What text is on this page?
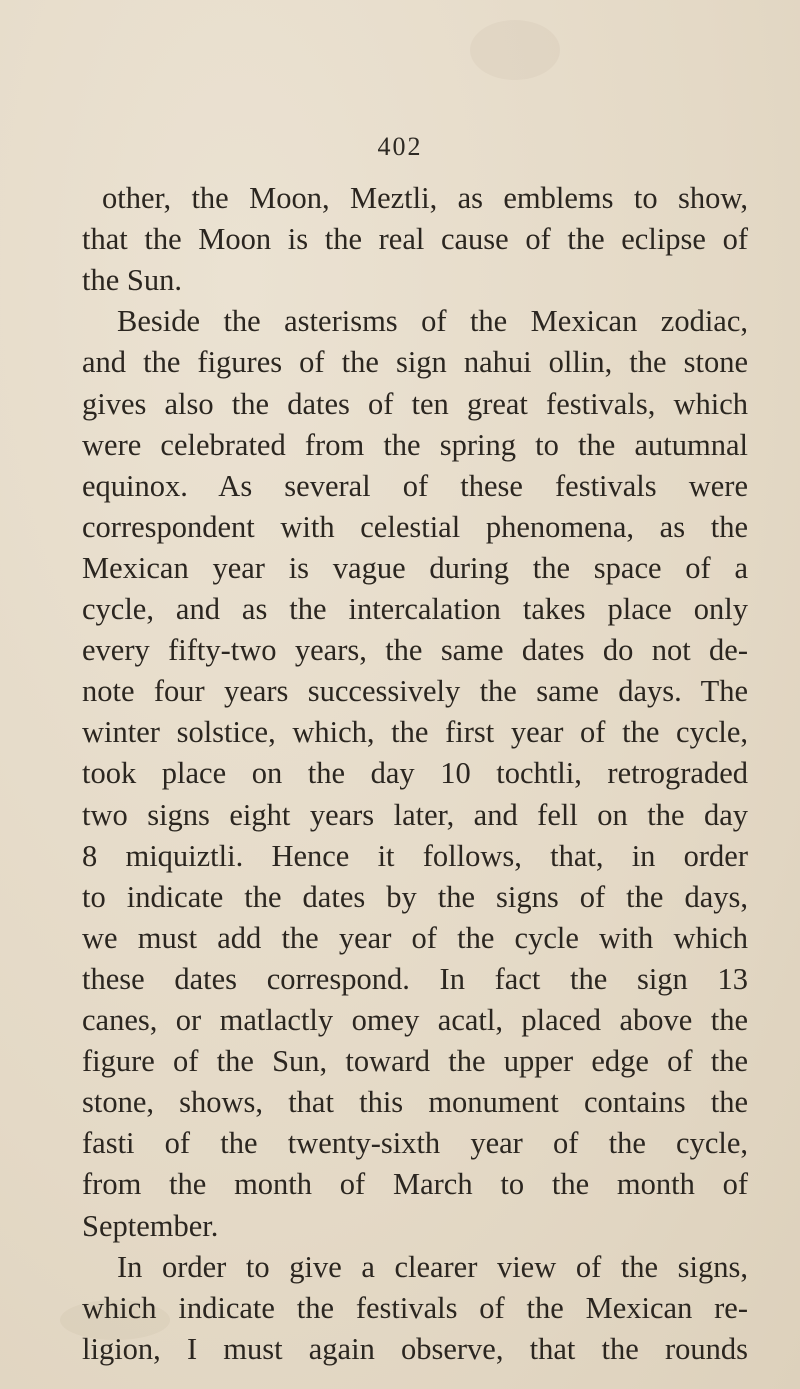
402
other, the Moon, Meztli, as emblems to show,
that the Moon is the real cause of the eclipse of
the Sun.
Beside the asterisms of the Mexican zodiac,
and the figures of the sign nahui ollin, the stone
gives also the dates of ten great festivals, which
were celebrated from the spring to the autumnal
equinox. As several of these festivals were
correspondent with celestial phenomena, as the
Mexican year is vague during the space of a
cycle, and as the intercalation takes place only
every fifty-two years, the same dates do not de-
note four years successively the same days. The
winter solstice, which, the first year of the cycle,
took place on the day 10 tochtli, retrograded
two signs eight years later, and fell on the day
8 miquiztli. Hence it follows, that, in order
to indicate the dates by the signs of the days,
we must add the year of the cycle with which
these dates correspond. In fact the sign 13
canes, or matlactly omey acatl, placed above the
figure of the Sun, toward the upper edge of the
stone, shows, that this monument contains the
fasti of the twenty-sixth year of the cycle,
from the month of March to the month of
September.
In order to give a clearer view of the signs,
which indicate the festivals of the Mexican re-
ligion, I must again observe, that the rounds
